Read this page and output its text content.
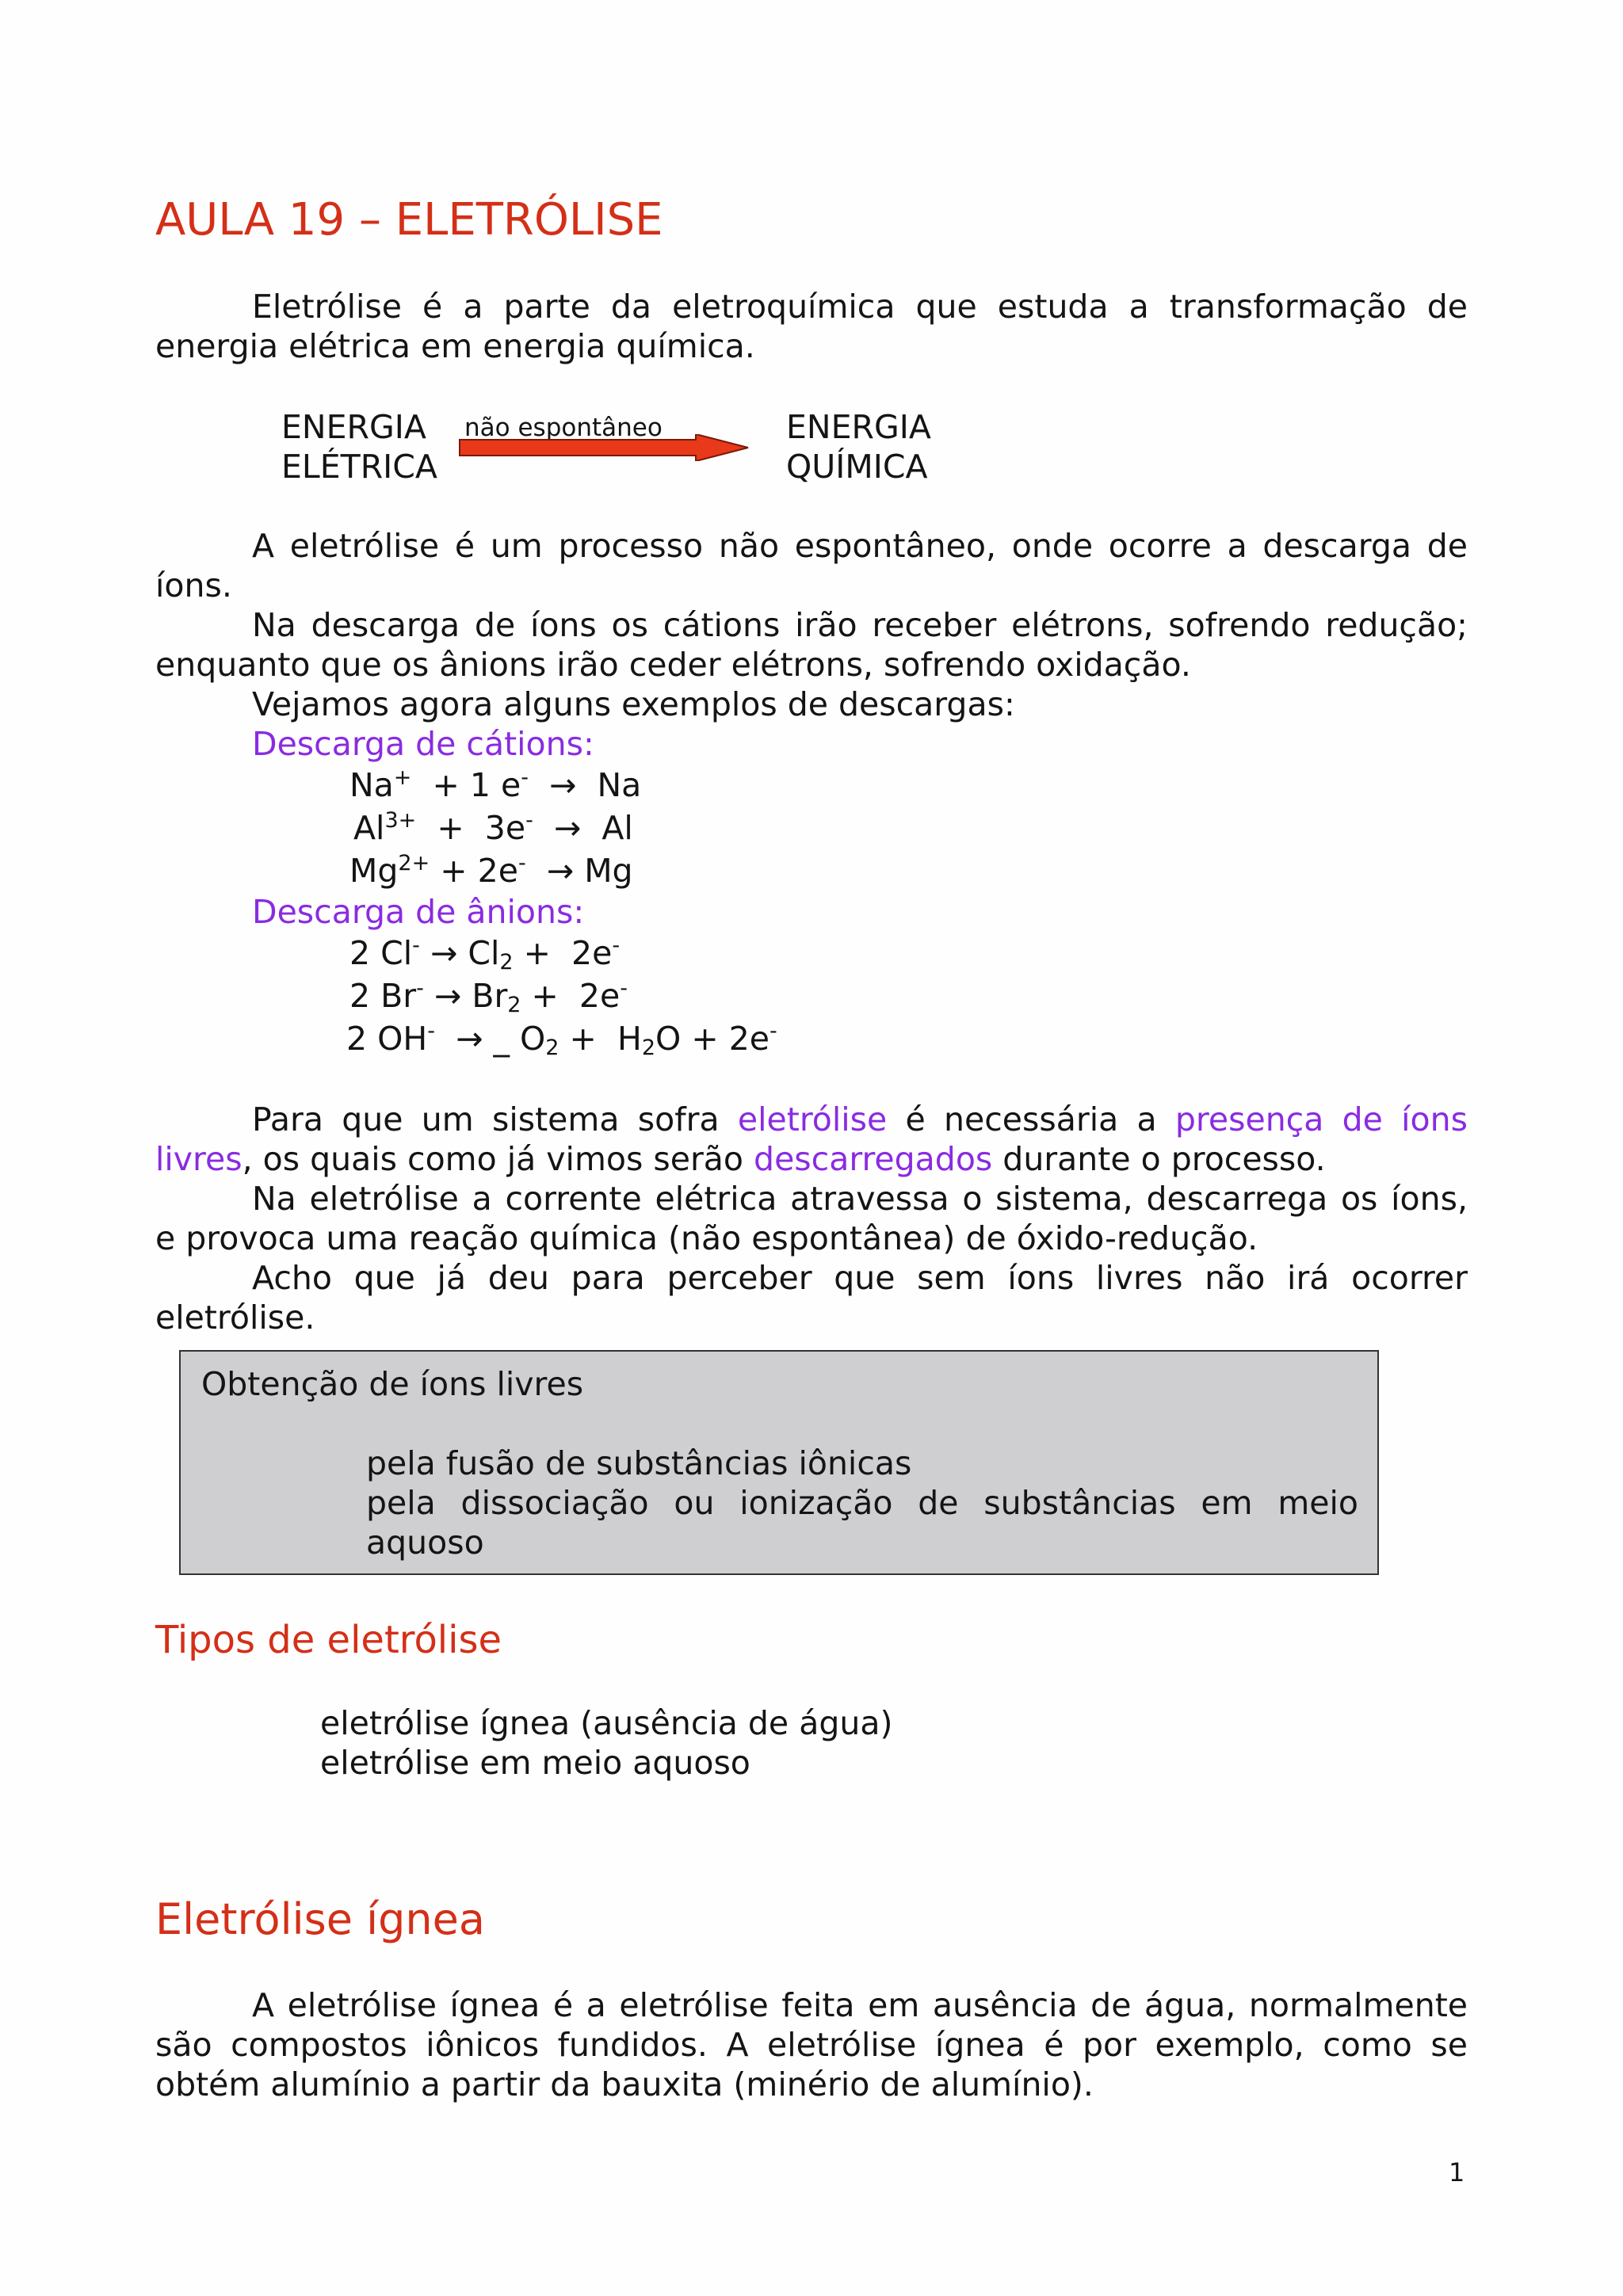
AULA 19 – ELETRÓLISE

Eletrólise é a parte da eletroquímica que estuda a transformação de energia elétrica em energia química.

ENERGIA
ELÉTRICA
não espontâneo	ENERGIA
QUÍMICA

A eletrólise é um processo não espontâneo, onde ocorre a descarga de íons.

Na descarga de íons os cátions irão receber elétrons, sofrendo redução; enquanto que os ânions irão ceder elétrons, sofrendo oxidação.

Vejamos agora alguns exemplos de descargas:
Descarga de cátions:
Na+  + 1 e- → Na
$Al^{3+} + 3e^- \to Al$
$Mg^{2+} + 2e^- \to Mg$
Descarga de ânions:
2 $Cl^- \to Cl_2 + 2e^-$
2 $Br^- \to Br_2 + 2e^-$
2 OH- → _ $O_2 + H_2O + 2e^-$

Para que um sistema sofra eletrólise é necessária a presença de íons livres, os quais como já vimos serão descarregados durante o processo.

Na eletrólise a corrente elétrica atravessa o sistema, descarrega os íons, e provoca uma reação química (não espontânea) de óxido-redução.

Acho que já deu para perceber que sem íons livres não irá ocorrer eletrólise.

Obtenção de íons livres
pela fusão de substâncias iônicas
pela dissociação ou ionização de substâncias em meio aquoso
Tipos de eletrólise
eletrólise ígnea (ausência de água)
eletrólise em meio aquoso
Eletrólise ígnea

A eletrólise ígnea é a eletrólise feita em ausência de água, normalmente são compostos iônicos fundidos. A eletrólise ígnea é por exemplo, como se obtém alumínio a partir da bauxita (minério de alumínio).

1
